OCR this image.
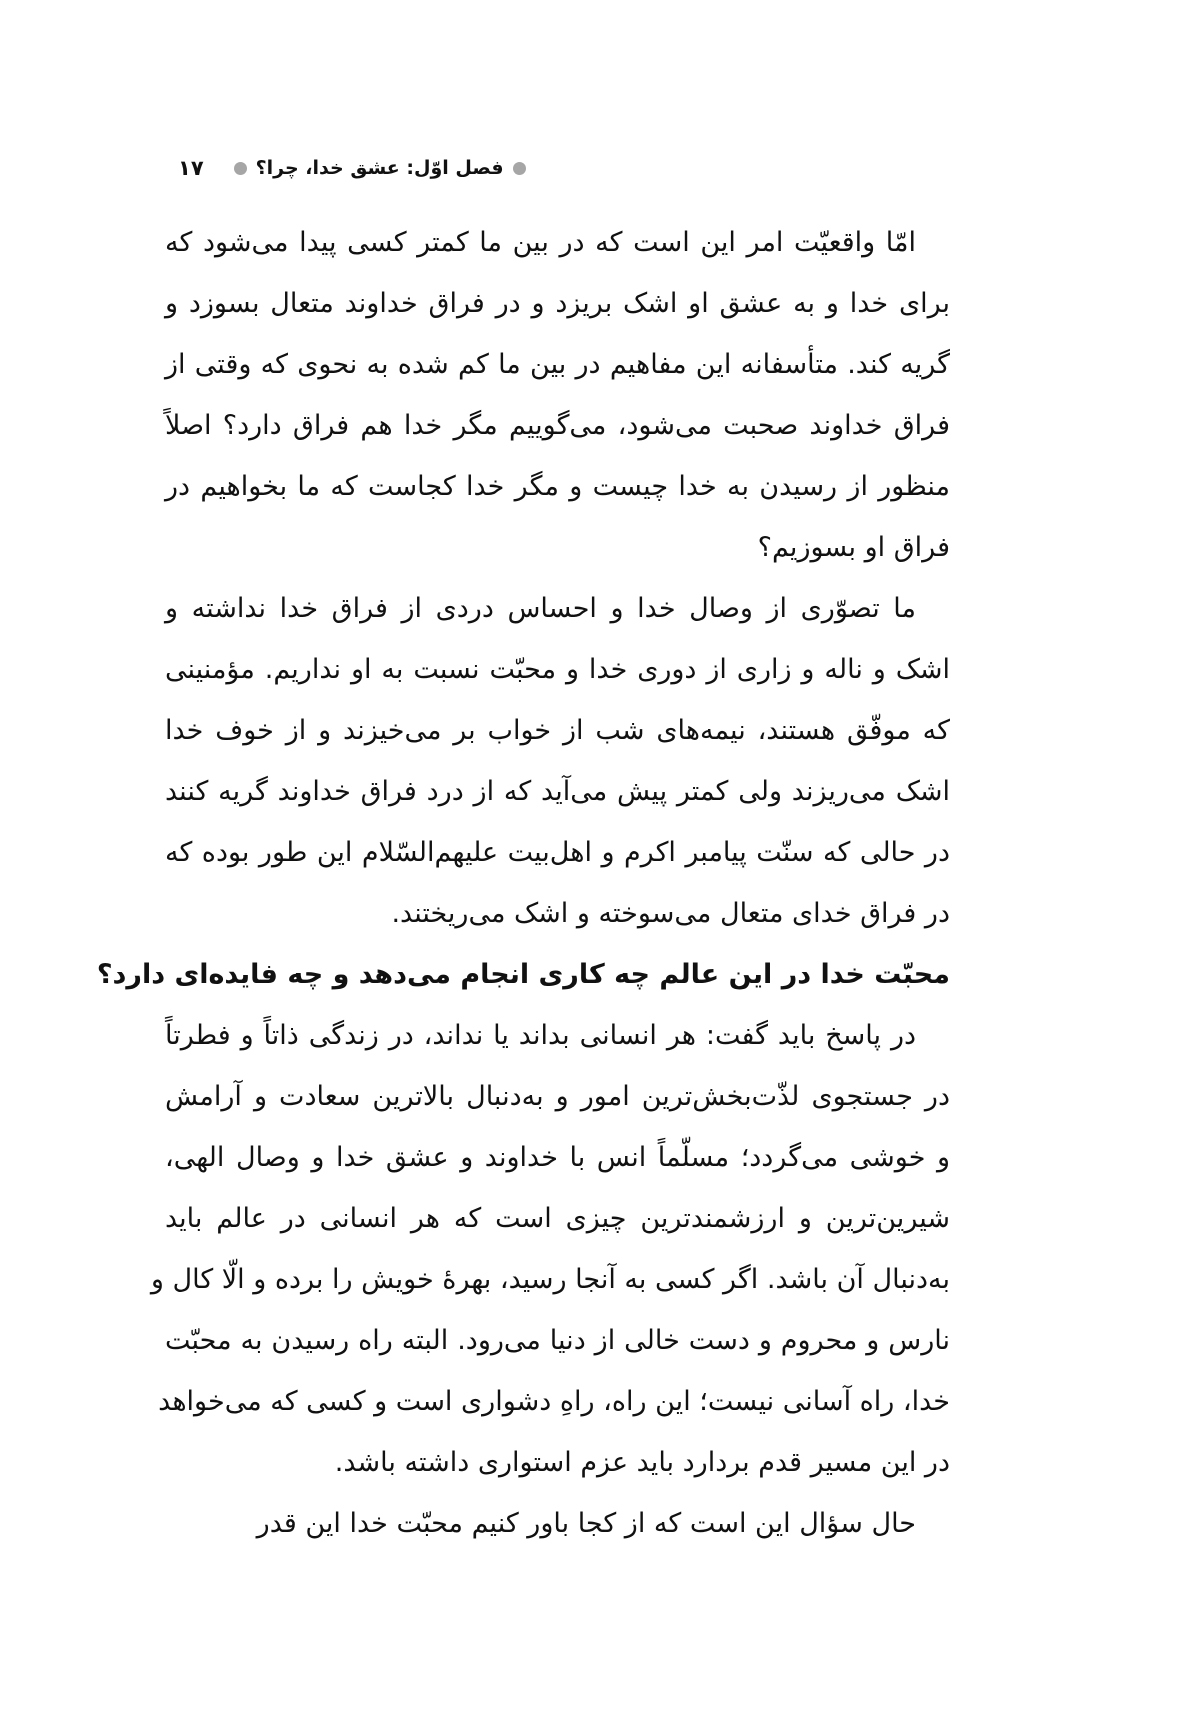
۱۷	فصل اوّل: عشق خدا، چرا؟
امّا واقعیّت امر این است که در بین ما کمتر کسی پیدا می‌شود که
برای خدا و به عشق او اشک بریزد و در فراق خداوند متعال بسوزد و
گریه کند. متأسفانه این مفاهیم در بین ما کم شده به نحوی که وقتی از
فراق خداوند صحبت می‌شود، می‌گوییم مگر خدا هم فراق دارد؟ اصلاً
منظور از رسیدن به خدا چیست و مگر خدا کجاست که ما بخواهیم در
فراق او بسوزیم؟
ما تصوّری از وصال خدا و احساس دردی از فراق خدا نداشته و
اشک و ناله و زاری از دوری خدا و محبّت نسبت به او نداریم. مؤمنینی
که موفّق هستند، نیمه‌های شب از خواب بر می‌خیزند و از خوف خدا
اشک می‌ریزند ولی کمتر پیش می‌آید که از درد فراق خداوند گریه کنند
در حالی که سنّت پیامبر اکرم و اهل‌بیت علیهم‌السّلام این طور بوده که
در فراق خدای متعال می‌سوخته و اشک می‌ریختند.
محبّت خدا در این عالم چه کاری انجام می‌دهد و چه فایده‌ای دارد؟
در پاسخ باید گفت: هر انسانی بداند یا نداند، در زندگی ذاتاً و فطرتاً
در جستجوی لذّت‌بخش‌ترین امور و به‌دنبال بالاترین سعادت و آرامش
و خوشی می‌گردد؛ مسلّماً انس با خداوند و عشق خدا و وصال الهی،
شیرین‌ترین و ارزشمندترین چیزی است که هر انسانی در عالم باید
به‌دنبال آن باشد. اگر کسی به آنجا رسید، بهرهٔ خویش را برده و الّا کال و
نارس و محروم و دست خالی از دنیا می‌رود. البته راه رسیدن به محبّت
خدا، راه آسانی نیست؛ این راه، راهِ دشواری است و کسی که می‌خواهد
در این مسیر قدم بردارد باید عزم استواری داشته باشد.
حال سؤال این است که از کجا باور کنیم محبّت خدا این قدر
